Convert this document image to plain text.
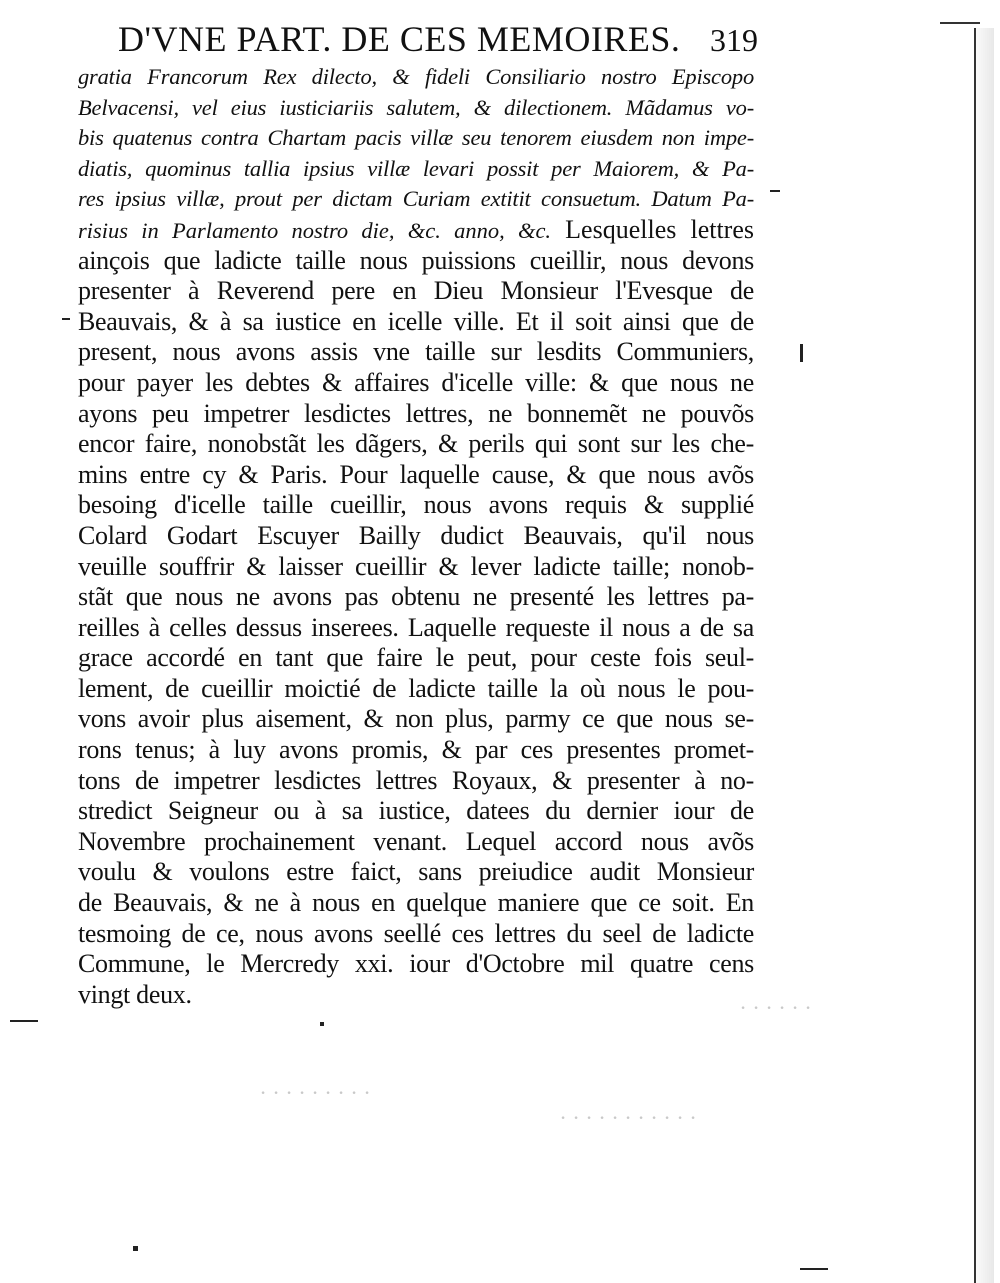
D'VNE PART. DE CES MEMOIRES. 319
gratia Francorum Rex dilecto, & fideli Consiliario nostro Episcopo
Belvacensi, vel eius iusticiariis salutem, & dilectionem. Mãdamus vo-
bis quatenus contra Chartam pacis villæ seu tenorem eiusdem non impe-
diatis, quominus tallia ipsius villæ levari possit per Maiorem, & Pa-
res ipsius villæ, prout per dictam Curiam extitit consuetum. Datum Pa-
risius in Parlamento nostro die, &c. anno, &c. Lesquelles lettres
ainçois que ladicte taille nous puissions cueillir, nous devons
presenter à Reverend pere en Dieu Monsieur l'Evesque de
Beauvais, & à sa iustice en icelle ville. Et il soit ainsi que de
present, nous avons assis vne taille sur lesdits Communiers,
pour payer les debtes & affaires d'icelle ville: & que nous ne
ayons peu impetrer lesdictes lettres, ne bonnemẽt ne pouvõs
encor faire, nonobstãt les dãgers, & perils qui sont sur les che-
mins entre cy & Paris. Pour laquelle cause, & que nous avõs
besoing d'icelle taille cueillir, nous avons requis & supplié
Colard Godart Escuyer Bailly dudict Beauvais, qu'il nous
veuille souffrir & laisser cueillir & lever ladicte taille; nonob-
stãt que nous ne avons pas obtenu ne presenté les lettres pa-
reilles à celles dessus inserees. Laquelle requeste il nous a de sa
grace accordé en tant que faire le peut, pour ceste fois seul-
lement, de cueillir moictié de ladicte taille la où nous le pou-
vons avoir plus aisement, & non plus, parmy ce que nous se-
rons tenus; à luy avons promis, & par ces presentes promet-
tons de impetrer lesdictes lettres Royaux, & presenter à no-
stredict Seigneur ou à sa iustice, datees du dernier iour de
Novembre prochainement venant. Lequel accord nous avõs
voulu & voulons estre faict, sans preiudice audit Monsieur
de Beauvais, & ne à nous en quelque maniere que ce soit. En
tesmoing de ce, nous avons seellé ces lettres du seel de ladicte
Commune, le Mercredy xxi. iour d'Octobre mil quatre cens
vingt deux.	· · · · · ·
· · · · · · · · ·
· · · · · · · · · · ·
